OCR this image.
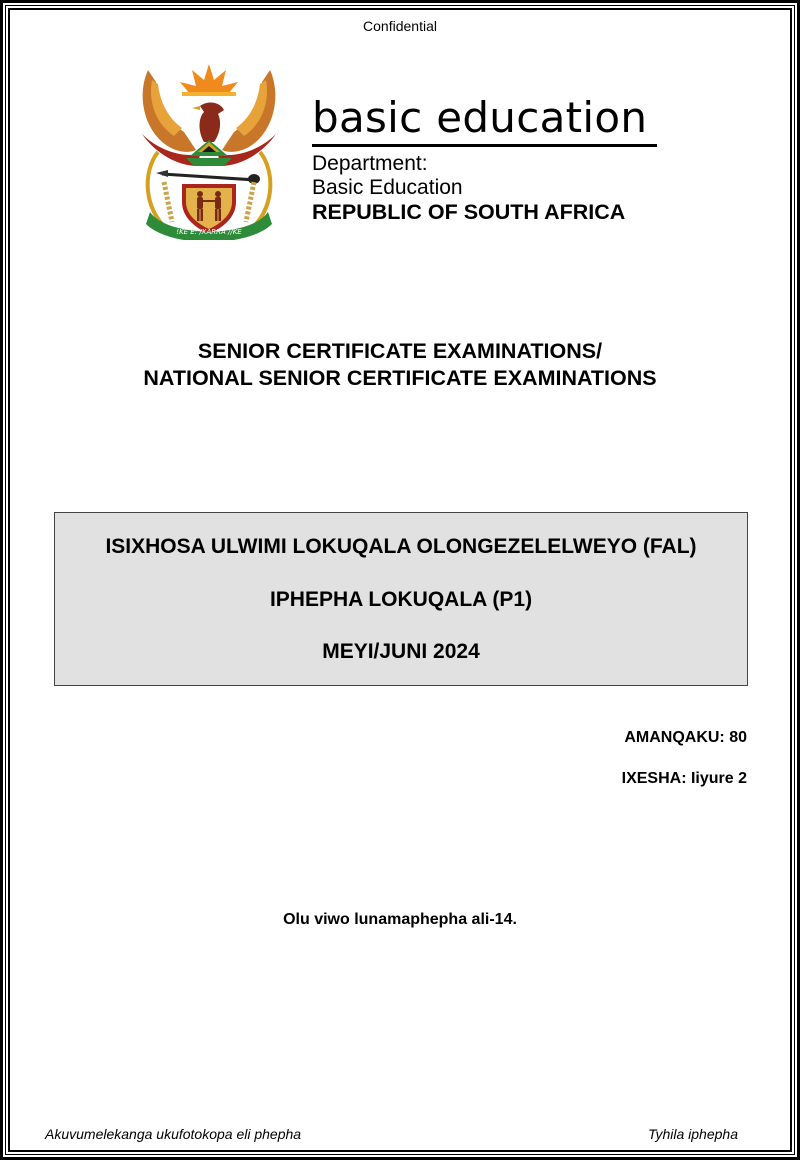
Confidential
!KE E: /XARRA //KE
basic education
Department:
Basic Education
REPUBLIC OF SOUTH AFRICA
SENIOR CERTIFICATE EXAMINATIONS/
NATIONAL SENIOR CERTIFICATE EXAMINATIONS
ISIXHOSA ULWIMI LOKUQALA OLONGEZELELWEYO (FAL)
IPHEPHA LOKUQALA (P1)
MEYI/JUNI 2024
AMANQAKU: 80
IXESHA: Iiyure 2
Olu viwo lunamaphepha ali-14.
Akuvumelekanga ukufotokopa eli phepha	Tyhila iphepha
